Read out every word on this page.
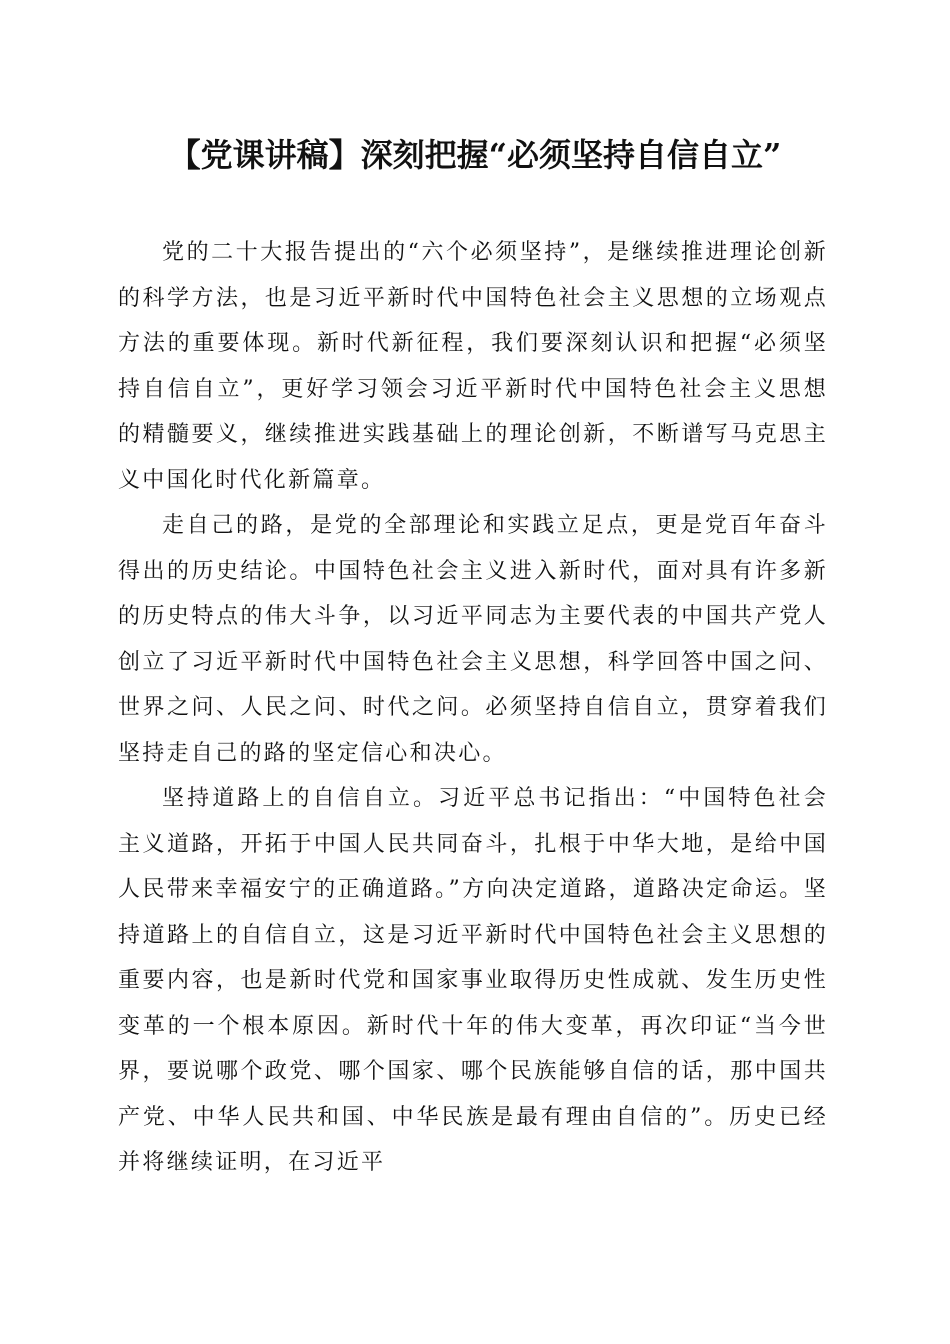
【党课讲稿】深刻把握“必须坚持自信自立”

党的二十大报告提出的“六个必须坚持”，是继续推进理论创新的科学方法，也是习近平新时代中国特色社会主义思想的立场观点方法的重要体现。新时代新征程，我们要深刻认识和把握“必须坚持自信自立”，更好学习领会习近平新时代中国特色社会主义思想的精髓要义，继续推进实践基础上的理论创新，不断谱写马克思主义中国化时代化新篇章。

走自己的路，是党的全部理论和实践立足点，更是党百年奋斗得出的历史结论。中国特色社会主义进入新时代，面对具有许多新的历史特点的伟大斗争，以习近平同志为主要代表的中国共产党人创立了习近平新时代中国特色社会主义思想，科学回答中国之问、世界之问、人民之问、时代之问。必须坚持自信自立，贯穿着我们坚持走自己的路的坚定信心和决心。

坚持道路上的自信自立。习近平总书记指出：“中国特色社会主义道路，开拓于中国人民共同奋斗，扎根于中华大地，是给中国人民带来幸福安宁的正确道路。”方向决定道路，道路决定命运。坚持道路上的自信自立，这是习近平新时代中国特色社会主义思想的重要内容，也是新时代党和国家事业取得历史性成就、发生历史性变革的一个根本原因。新时代十年的伟大变革，再次印证“当今世界，要说哪个政党、哪个国家、哪个民族能够自信的话，那中国共产党、中华人民共和国、中华民族是最有理由自信的”。历史已经并将继续证明，在习近平
